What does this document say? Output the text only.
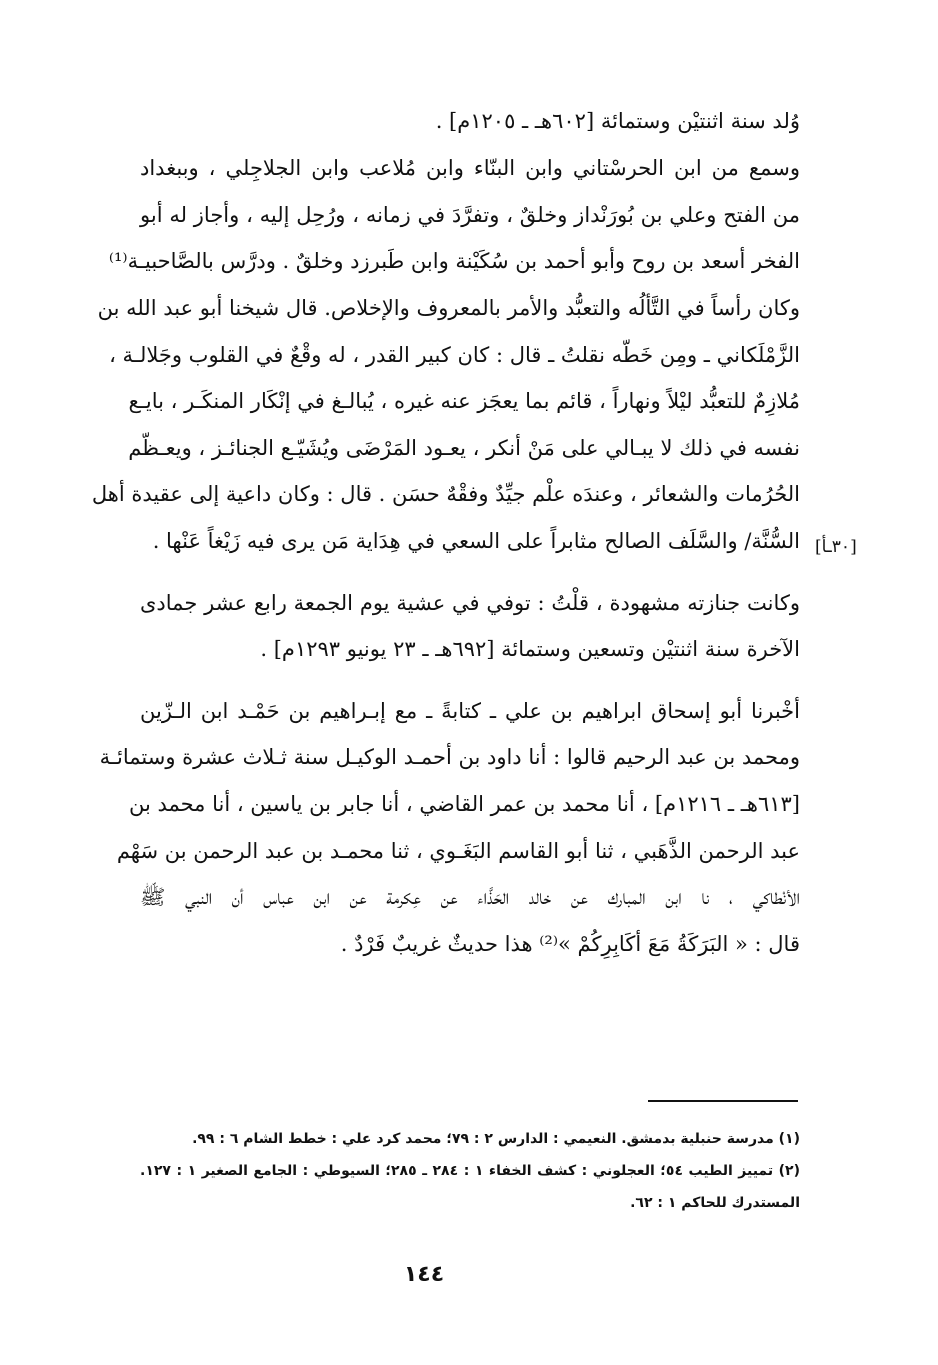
وُلد سنة اثنتيْن وستمائة [٦٠٢هـ ـ ١٢٠٥م] .
وسمع من ابن الحرسْتاني وابن البنّاء وابن مُلاعب وابن الجلاجِلي ، وببغداد
من الفتح وعلي بن بُورَنْداز وخلقٌ ، وتفرَّدَ في زمانه ، ورُحِل إليه ، وأجاز له أبو
الفخر أسعد بن روح وأبو أحمد بن سُكَيْنة وابن طَبرزد وخلقٌ . ودرَّس بالصَّاحبيـة⁽¹⁾
وكان رأساً في التَّألُه والتعبُّد والأمر بالمعروف والإخلاص. قال شيخنا أبو عبد الله بن
الزَّمْلَكاني ـ ومِن خَطّه نقلتُ ـ قال : كان كبير القدر ، له وقْعٌ في القلوب وجَلالـة ،
مُلازِمٌ للتعبُّد ليْلاً ونهاراً ، قائم بما يعجَز عنه غيره ، يُبالـغ في إنْكَار المنكَـر ، بايـع
نفسه في ذلك لا يبـالي على مَنْ أنكر ، يعـود المَرْضَى ويُشَيّـع الجنائـز ، ويعـظّم
الحُرُمات والشعائر ، وعندَه علْم جيِّدٌ وفقْهٌ حسَن . قال : وكان داعية إلى عقيدة أهل
السُّنَّة/ والسَّلَف الصالح مثابراً على السعي في هِدَاية مَن يرى فيه زَيْغاً عَنْها . [٣٠ـأ]
وكانت جنازته مشهودة ، قلْتُ : توفي في عشية يوم الجمعة رابع عشر جمادى
الآخرة سنة اثنتيْن وتسعين وستمائة [٦٩٢هـ ـ ٢٣ يونيو ١٢٩٣م] .
أخْبرنا أبو إسحاق ابراهيم بن علي ـ كتابةً ـ مع إبـراهيم بن حَمْـد ابن الـزّين
ومحمد بن عبد الرحيم قالوا : أنا داود بن أحمـد الوكيـل سنة ثـلاث عشرة وستمائـة
[٦١٣هـ ـ ١٢١٦م] ، أنا محمد بن عمر القاضي ، أنا جابر بن ياسين ، أنا محمد بن
عبد الرحمن الذَّهَبي ، ثنا أبو القاسم البَغَـوي ، ثنا محمـد بن عبد الرحمن بن سَهْم
الأنْطاكي ، نا ابن المبارك عن خالد الحَذَّاء عن عِكرمة عن ابن عباس أن النبي ﷺ
قال : « البَرَكَةُ مَعَ أكَابِرِكُمْ »⁽²⁾ هذا حديثٌ غريبٌ فَرْدٌ .
(١) مدرسة حنبلية بدمشق. النعيمي : الدارس ٢ : ٧٩؛ محمد كرد علي : خطط الشام ٦ : ٩٩.
(٢) تمييز الطيب ٥٤؛ العجلوني : كشف الخفاء ١ : ٢٨٤ ـ ٢٨٥؛ السيوطي : الجامع الصغير ١ : ١٢٧.
المستدرك للحاكم ١ : ٦٢.
١٤٤
